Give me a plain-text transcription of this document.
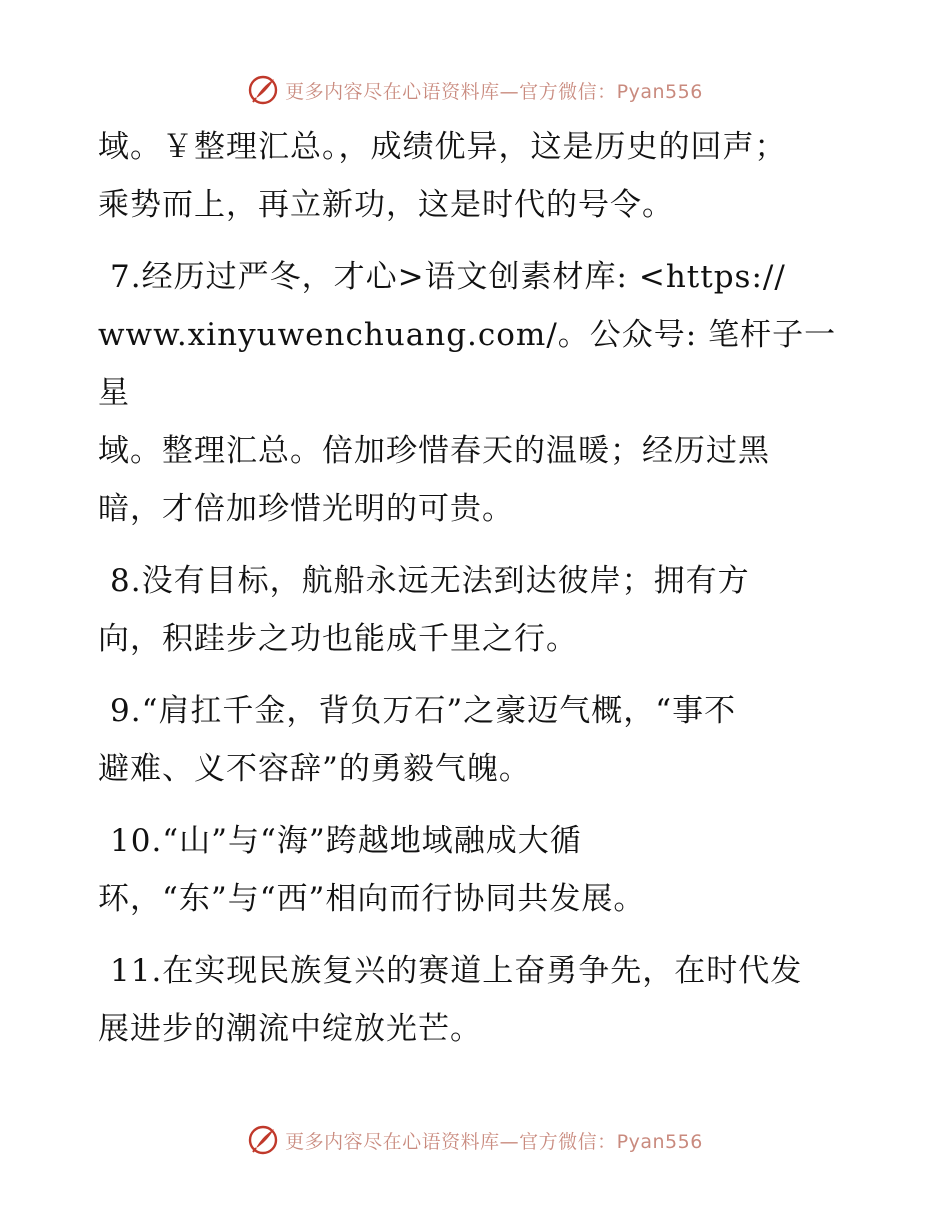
更多内容尽在心语资料库—官方微信：Pyan556
域。￥整理汇总。，成绩优异，这是历史的回声；
乘势而上，再立新功，这是时代的号令。
7.经历过严冬，才心>语文创素材库: <https://
www.xinyuwenchuang.com/。公众号: 笔杆子一星
域。整理汇总。倍加珍惜春天的温暖；经历过黑
暗，才倍加珍惜光明的可贵。
8.没有目标，航船永远无法到达彼岸；拥有方
向，积跬步之功也能成千里之行。
9.“肩扛千金，背负万石”之豪迈气概，“事不
避难、义不容辞”的勇毅气魄。
10.“山”与“海”跨越地域融成大循
环，“东”与“西”相向而行协同共发展。
11.在实现民族复兴的赛道上奋勇争先，在时代发
展进步的潮流中绽放光芒。
更多内容尽在心语资料库—官方微信：Pyan556
